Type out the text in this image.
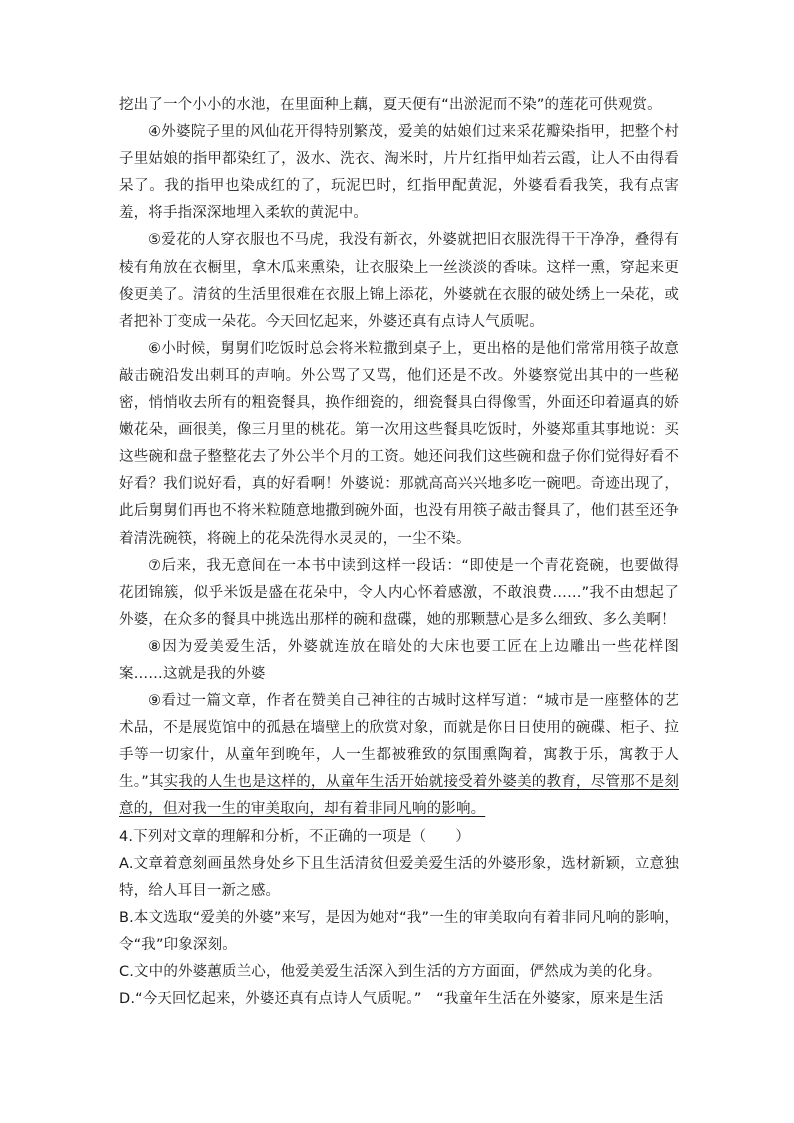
挖出了一个小小的水池，在里面种上藕，夏天便有“出淤泥而不染”的莲花可供观赏。

④外婆院子里的风仙花开得特别繁茂，爱美的姑娘们过来采花瓣染指甲，把整个村子里姑娘的指甲都染红了，汲水、洗衣、淘米时，片片红指甲灿若云霞，让人不由得看呆了。我的指甲也染成红的了，玩泥巴时，红指甲配黄泥，外婆看看我笑，我有点害羞，将手指深深地埋入柔软的黄泥中。

⑤爱花的人穿衣服也不马虎，我没有新衣，外婆就把旧衣服洗得干干净净，叠得有棱有角放在衣橱里，拿木瓜来熏染，让衣服染上一丝淡淡的香味。这样一熏，穿起来更俊更美了。清贫的生活里很难在衣服上锦上添花，外婆就在衣服的破处绣上一朵花，或者把补丁变成一朵花。今天回忆起来，外婆还真有点诗人气质呢。

⑥小时候，舅舅们吃饭时总会将米粒撒到桌子上，更出格的是他们常常用筷子故意敲击碗沿发出刺耳的声响。外公骂了又骂，他们还是不改。外婆察觉出其中的一些秘密，悄悄收去所有的粗瓷餐具，换作细瓷的，细瓷餐具白得像雪，外面还印着逼真的娇嫩花朵，画很美，像三月里的桃花。第一次用这些餐具吃饭时，外婆郑重其事地说：买这些碗和盘子整整花去了外公半个月的工资。她还问我们这些碗和盘子你们觉得好看不好看？我们说好看，真的好看啊！外婆说：那就高高兴兴地多吃一碗吧。奇迹出现了，此后舅舅们再也不将米粒随意地撒到碗外面，也没有用筷子敲击餐具了，他们甚至还争着清洗碗筷，将碗上的花朵洗得水灵灵的，一尘不染。

⑦后来，我无意间在一本书中读到这样一段话：“即使是一个青花瓷碗，也要做得花团锦簇，似乎米饭是盛在花朵中，令人内心怀着感激，不敢浪费……”我不由想起了外婆，在众多的餐具中挑选出那样的碗和盘碟，她的那颗慧心是多么细致、多么美啊！

⑧因为爱美爱生活，外婆就连放在暗处的大床也要工匠在上边雕出一些花样图案……这就是我的外婆

⑨看过一篇文章，作者在赞美自己神往的古城时这样写道：“城市是一座整体的艺术品，不是展览馆中的孤悬在墙壁上的欣赏对象，而就是你日日使用的碗碟、柜子、拉手等一切家什，从童年到晚年，人一生都被雅致的氛围熏陶着，寓教于乐，寓教于人生。”其实我的人生也是这样的，从童年生活开始就接受着外婆美的教育，尽管那不是刻意的，但对我一生的审美取向，却有着非同凡响的影响。

4.下列对文章的理解和分析，不正确的一项是（　　）

A.文章着意刻画虽然身处乡下且生活清贫但爱美爱生活的外婆形象，选材新颖，立意独特，给人耳目一新之感。

B.本文选取“爱美的外婆”来写，是因为她对“我”一生的审美取向有着非同凡响的影响，令“我”印象深刻。

C.文中的外婆蕙质兰心，他爱美爱生活深入到生活的方方面面，俨然成为美的化身。

D.“今天回忆起来，外婆还真有点诗人气质呢。”　“我童年生活在外婆家，原来是生活
